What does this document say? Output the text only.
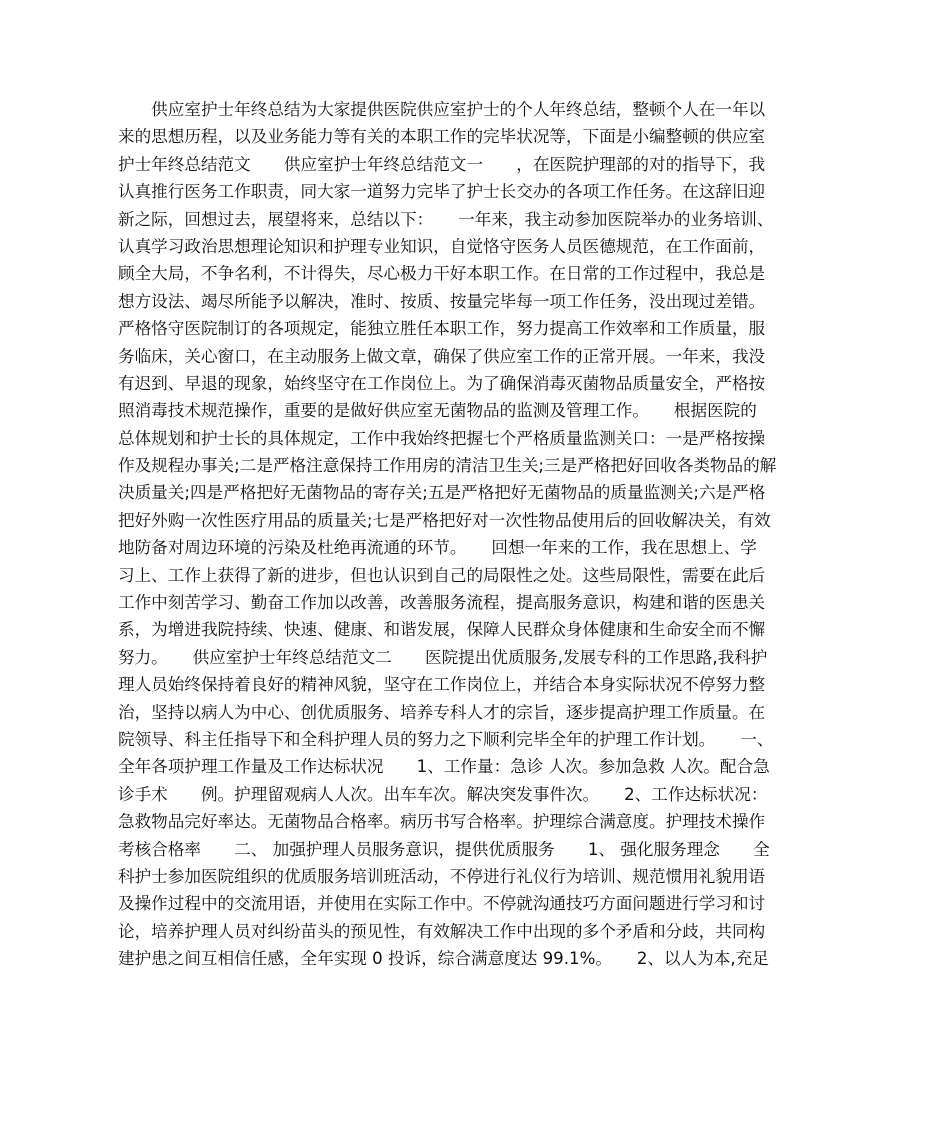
　　供应室护士年终总结为大家提供医院供应室护士的个人年终总结，整顿个人在一年以
来的思想历程，以及业务能力等有关的本职工作的完毕状况等，下面是小编整顿的供应室
护士年终总结范文　　供应室护士年终总结范文一　　，在医院护理部的对的指导下，我
认真推行医务工作职责，同大家一道努力完毕了护士长交办的各项工作任务。在这辞旧迎
新之际，回想过去，展望将来，总结以下：　　一年来，我主动参加医院举办的业务培训、
认真学习政治思想理论知识和护理专业知识，自觉恪守医务人员医德规范，在工作面前，
顾全大局，不争名利，不计得失，尽心极力干好本职工作。在日常的工作过程中，我总是
想方设法、竭尽所能予以解决，准时、按质、按量完毕每一项工作任务，没出现过差错。
严格恪守医院制订的各项规定，能独立胜任本职工作，努力提高工作效率和工作质量，服
务临床，关心窗口，在主动服务上做文章，确保了供应室工作的正常开展。一年来，我没
有迟到、早退的现象，始终坚守在工作岗位上。为了确保消毒灭菌物品质量安全，严格按
照消毒技术规范操作，重要的是做好供应室无菌物品的监测及管理工作。　　根据医院的
总体规划和护士长的具体规定，工作中我始终把握七个严格质量监测关口：一是严格按操
作及规程办事关;二是严格注意保持工作用房的清洁卫生关;三是严格把好回收各类物品的解
决质量关;四是严格把好无菌物品的寄存关;五是严格把好无菌物品的质量监测关;六是严格
把好外购一次性医疗用品的质量关;七是严格把好对一次性物品使用后的回收解决关，有效
地防备对周边环境的污染及杜绝再流通的环节。　　回想一年来的工作，我在思想上、学
习上、工作上获得了新的进步，但也认识到自己的局限性之处。这些局限性，需要在此后
工作中刻苦学习、勤奋工作加以改善，改善服务流程，提高服务意识，构建和谐的医患关
系，为增进我院持续、快速、健康、和谐发展，保障人民群众身体健康和生命安全而不懈
努力。　　供应室护士年终总结范文二　　医院提出优质服务,发展专科的工作思路,我科护
理人员始终保持着良好的精神风貌，坚守在工作岗位上，并结合本身实际状况不停努力整
治，坚持以病人为中心、创优质服务、培养专科人才的宗旨，逐步提高护理工作质量。在
院领导、科主任指导下和全科护理人员的努力之下顺利完毕全年的护理工作计划。　　一、
全年各项护理工作量及工作达标状况　　1、工作量：急诊 人次。参加急救 人次。配合急
诊手术　　例。护理留观病人人次。出车车次。解决突发事件次。　　2、工作达标状况：
急救物品完好率达。无菌物品合格率。病历书写合格率。护理综合满意度。护理技术操作
考核合格率　　二、 加强护理人员服务意识，提供优质服务　　1、 强化服务理念　　全
科护士参加医院组织的优质服务培训班活动，不停进行礼仪行为培训、规范惯用礼貌用语
及操作过程中的交流用语，并使用在实际工作中。不停就沟通技巧方面问题进行学习和讨
论，培养护理人员对纠纷苗头的预见性，有效解决工作中出现的多个矛盾和分歧，共同构
建护患之间互相信任感，全年实现 0 投诉，综合满意度达 99.1%。　　2、以人为本,充足
